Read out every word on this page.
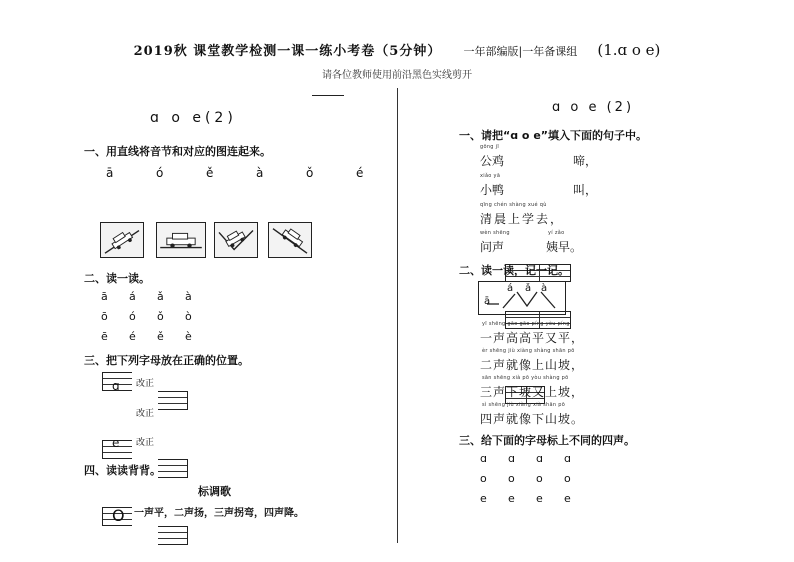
2019秋 课堂教学检测一课一练小考卷（5分钟） 一年部编版|一年备课组 (1.ɑ o e)
请各位教师使用前沿黑色实线剪开
ɑ o e(2)
一、用直线将音节和对应的图连起来。
ā	ó	ě	à	ǒ	é
二、读一读。
ā á ǎ à
ō ó ǒ ò
ē é ě è
三、把下列字母放在正确的位置。
ɑ 改正
e
改正
O
改正
四、读读背背。
标调歌
一声平，二声扬，三声拐弯，四声降。
ɑ o e (2)
一、请把“ɑ o e”填入下面的句子中。
gōng jī
公鸡	啼，
xiǎo yā
小鸭	叫，
qīng chén shàng xué qù
清晨上学去，
wèn shēng
问声
yí zǎo
姨早。
二、读一读，记一记。
ā
á ǎ à
yī shēng gāo gāo píng yòu píng
一声高高平又平，
èr shēng jiù xiàng shàng shān pō
二声就像上山坡，
sān shēng xià pō yòu shàng pō
三声下坡又上坡，
sì shēng jiù xiàng xià shān pō
四声就像下山坡。
三、给下面的字母标上不同的四声。
ɑ ɑ ɑ ɑ
o o o o
e e e e
